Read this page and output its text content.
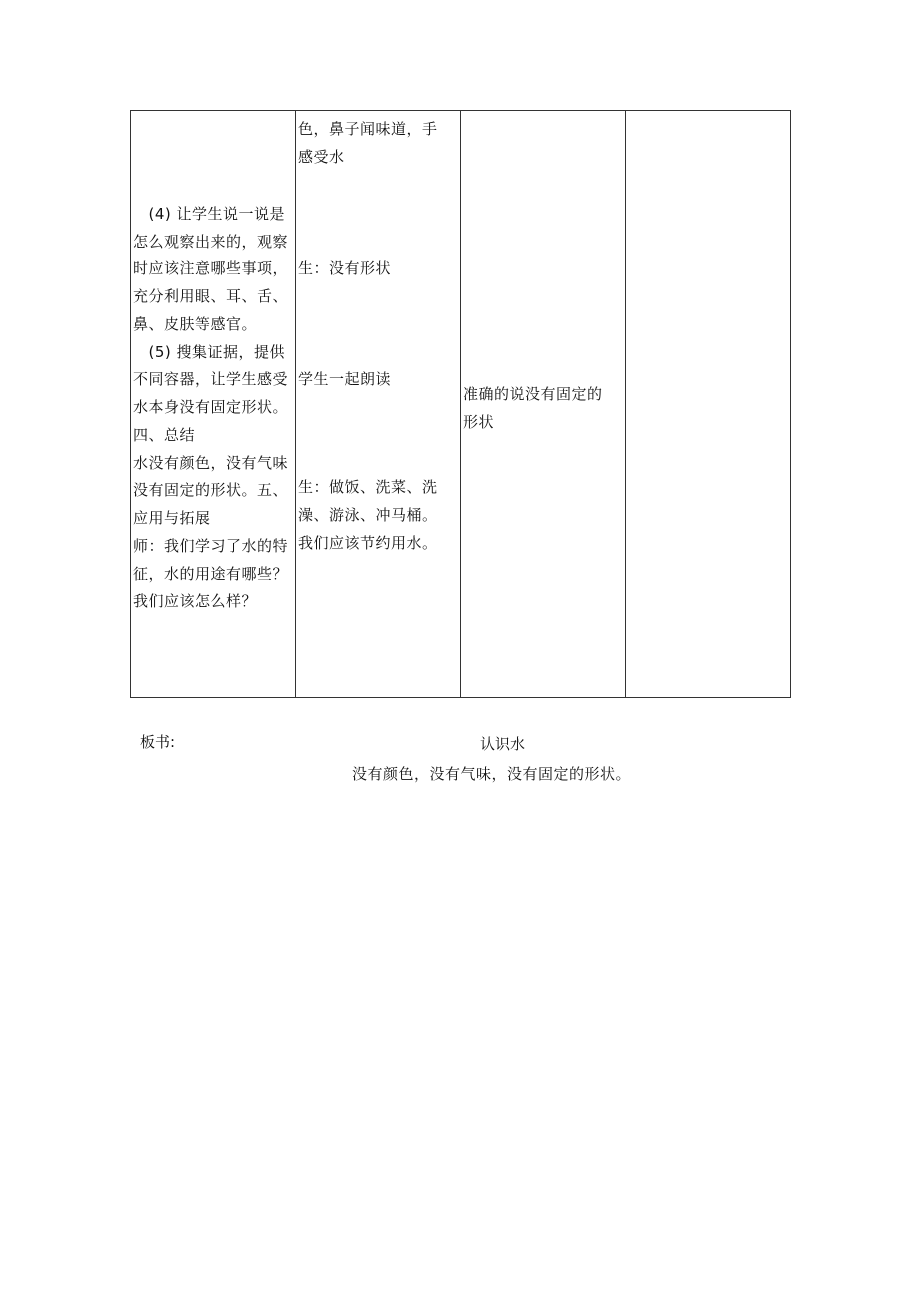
　(4) 让学生说一说是
怎么观察出来的，观察
时应该注意哪些事项，
充分利用眼、耳、舌、
鼻、皮肤等感官。
　(5) 搜集证据，提供
不同容器，让学生感受
水本身没有固定形状。
四、总结
水没有颜色，没有气味
没有固定的形状。五、
应用与拓展
师：我们学习了水的特
征，水的用途有哪些？
我们应该怎么样？
色，鼻子闻味道，手
感受水
生：没有形状
学生一起朗读
生：做饭、洗菜、洗
澡、游泳、冲马桶。
我们应该节约用水。
准确的说没有固定的
形状
板书:	认识水
没有颜色，没有气味，没有固定的形状。
